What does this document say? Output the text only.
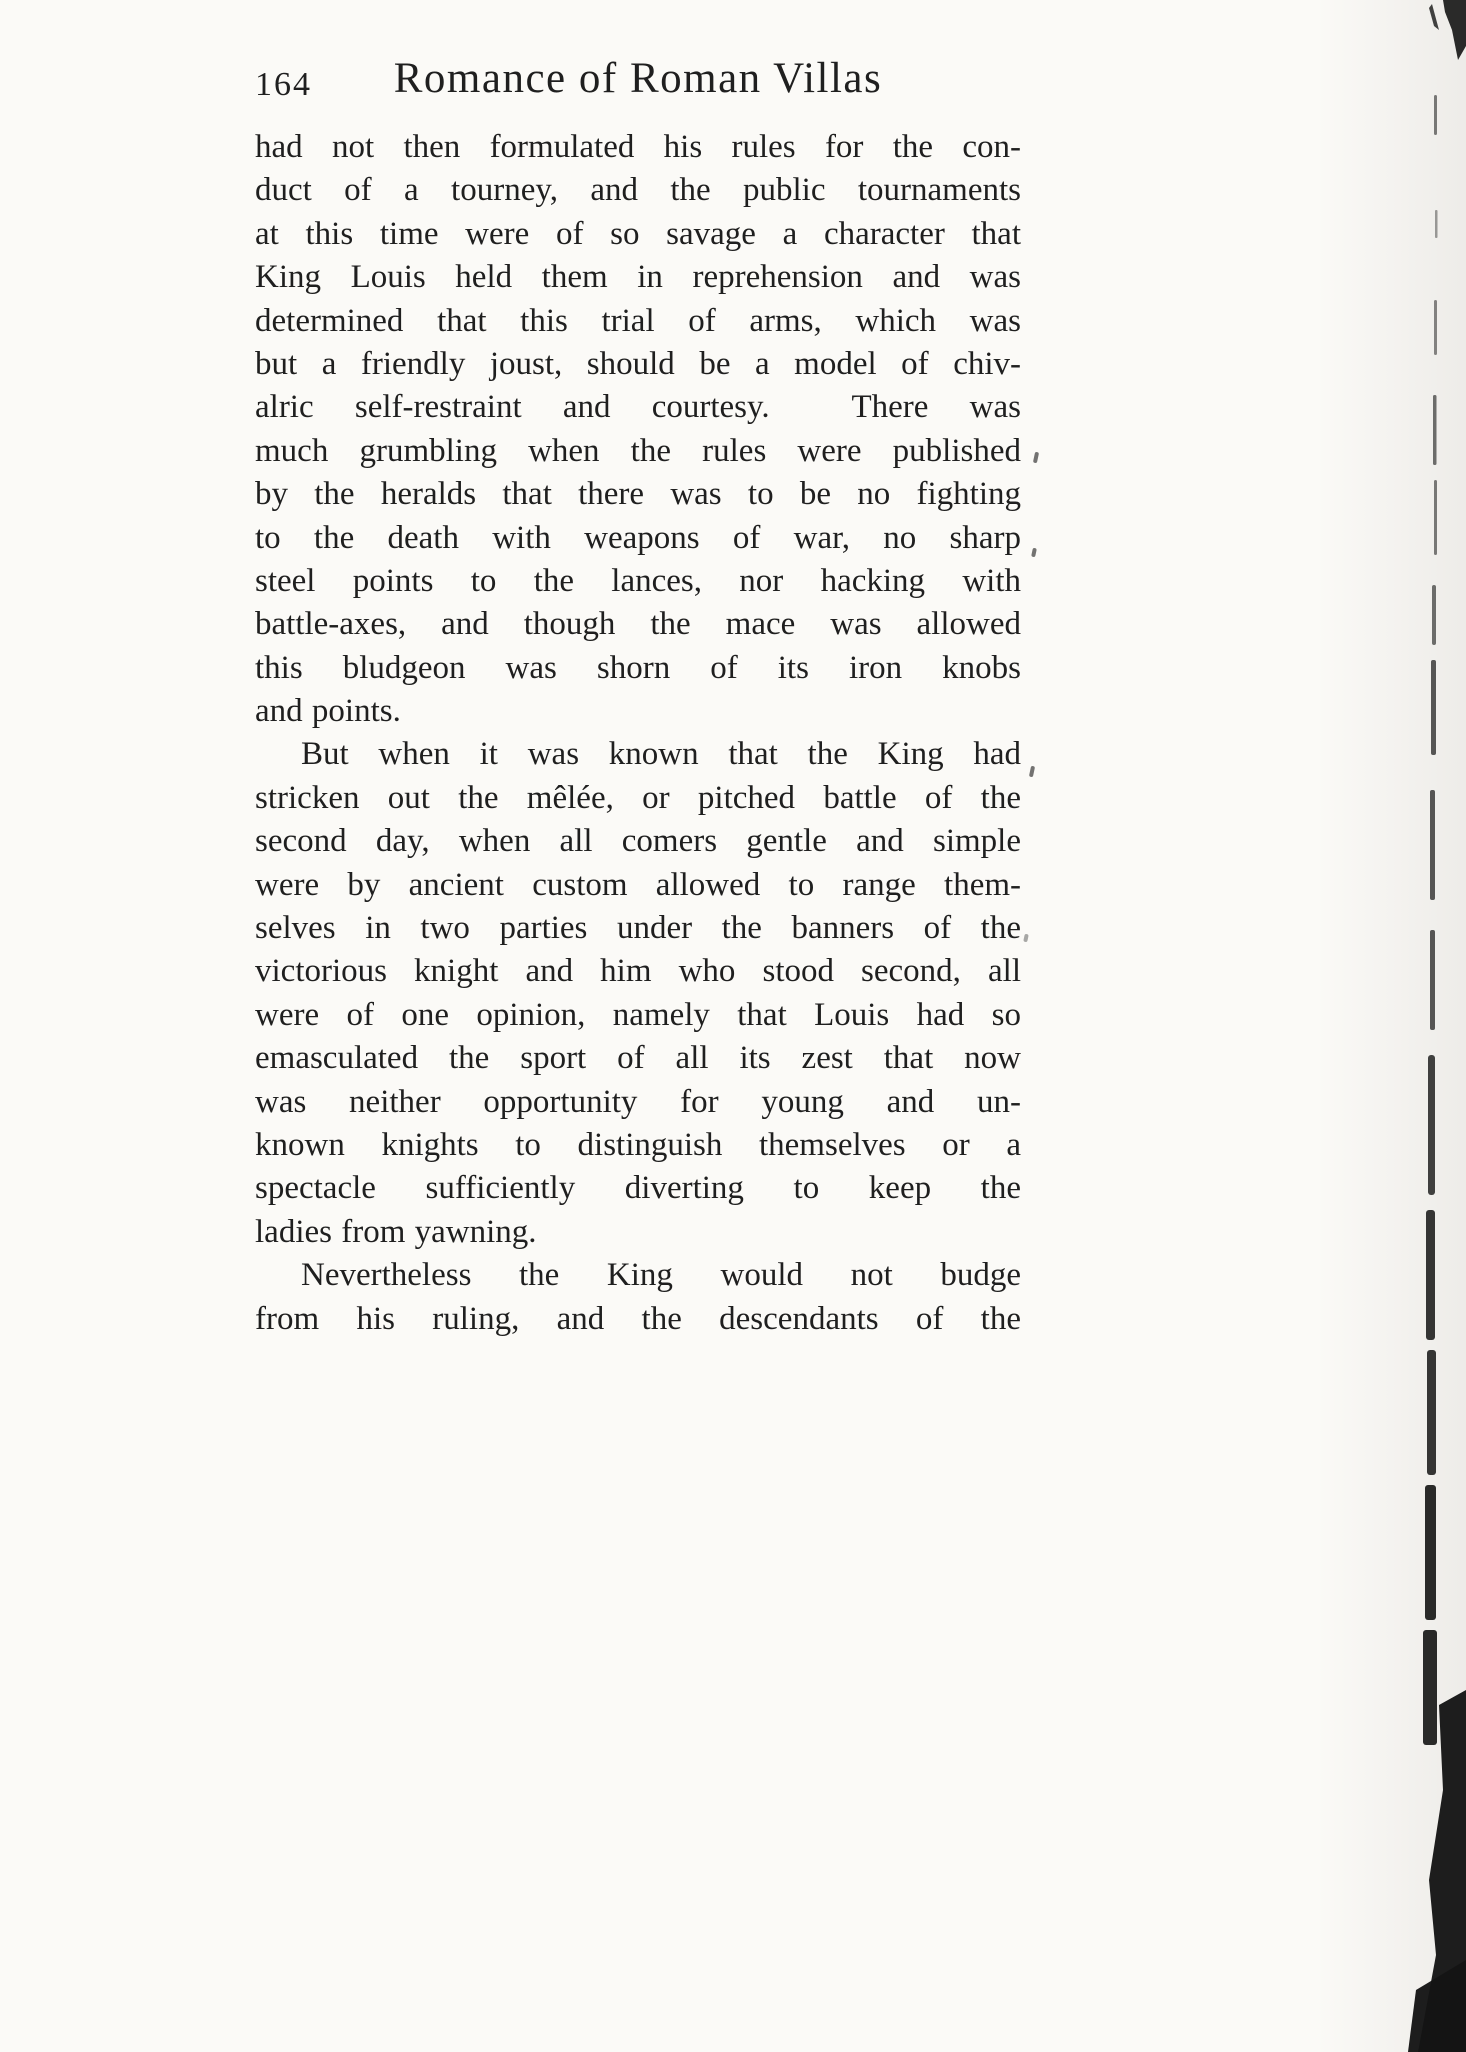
164	Romance of Roman Villas
had not then formulated his rules for the con-
duct of a tourney, and the public tournaments
at this time were of so savage a character that
King Louis held them in reprehension and was
determined that this trial of arms, which was
but a friendly joust, should be a model of chiv-
alric self-restraint and courtesy.  There was
much grumbling when the rules were published
by the heralds that there was to be no fighting
to the death with weapons of war, no sharp
steel points to the lances, nor hacking with
battle-axes, and though the mace was allowed
this bludgeon was shorn of its iron knobs
and points.
But when it was known that the King had
stricken out the mêlée, or pitched battle of the
second day, when all comers gentle and simple
were by ancient custom allowed to range them-
selves in two parties under the banners of the
victorious knight and him who stood second, all
were of one opinion, namely that Louis had so
emasculated the sport of all its zest that now
was neither opportunity for young and un-
known knights to distinguish themselves or a
spectacle sufficiently diverting to keep the
ladies from yawning.
Nevertheless the King would not budge
from his ruling, and the descendants of the
